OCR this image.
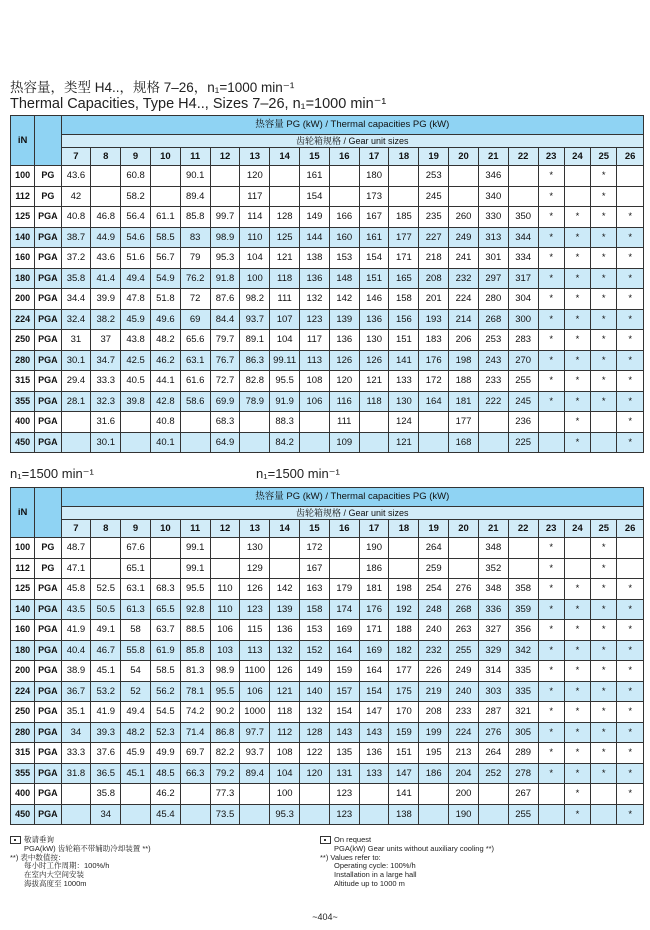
热容量，类型 H4..，规格 7–26，n₁=1000 min⁻¹
Thermal Capacities, Type H4.., Sizes 7–26, n₁=1000 min⁻¹
iN		热容量 PG (kW) / Thermal capacities PG (kW)																			
		齿轮箱规格 / Gear unit sizes																			
		7	8	9	10	11	12	13	14	15	16	17	18	19	20	21	22	23	24	25	26
100	PG	43.6		60.8		90.1		120		161		180		253		346		*		*	
112	PG	42		58.2		89.4		117		154		173		245		340		*		*	
125	PGA	40.8	46.8	56.4	61.1	85.8	99.7	114	128	149	166	167	185	235	260	330	350	*	*	*	*
140	PGA	38.7	44.9	54.6	58.5	83	98.9	110	125	144	160	161	177	227	249	313	344	*	*	*	*
160	PGA	37.2	43.6	51.6	56.7	79	95.3	104	121	138	153	154	171	218	241	301	334	*	*	*	*
180	PGA	35.8	41.4	49.4	54.9	76.2	91.8	100	118	136	148	151	165	208	232	297	317	*	*	*	*
200	PGA	34.4	39.9	47.8	51.8	72	87.6	98.2	111	132	142	146	158	201	224	280	304	*	*	*	*
224	PGA	32.4	38.2	45.9	49.6	69	84.4	93.7	107	123	139	136	156	193	214	268	300	*	*	*	*
250	PGA	31	37	43.8	48.2	65.6	79.7	89.1	104	117	136	130	151	183	206	253	283	*	*	*	*
280	PGA	30.1	34.7	42.5	46.2	63.1	76.7	86.3	99.11	113	126	126	141	176	198	243	270	*	*	*	*
315	PGA	29.4	33.3	40.5	44.1	61.6	72.7	82.8	95.5	108	120	121	133	172	188	233	255	*	*	*	*
355	PGA	28.1	32.3	39.8	42.8	58.6	69.9	78.9	91.9	106	116	118	130	164	181	222	245	*	*	*	*
400	PGA		31.6		40.8		68.3		88.3		111		124		177		236		*		*
450	PGA		30.1		40.1		64.9		84.2		109		121		168		225		*		*
n₁=1500 min⁻¹	n₁=1500 min⁻¹
iN		热容量 PG (kW) / Thermal capacities PG (kW)																			
		齿轮箱规格 / Gear unit sizes																			
		7	8	9	10	11	12	13	14	15	16	17	18	19	20	21	22	23	24	25	26
100	PG	48.7		67.6		99.1		130		172		190		264		348		*		*	
112	PG	47.1		65.1		99.1		129		167		186		259		352		*		*	
125	PGA	45.8	52.5	63.1	68.3	95.5	110	126	142	163	179	181	198	254	276	348	358	*	*	*	*
140	PGA	43.5	50.5	61.3	65.5	92.8	110	123	139	158	174	176	192	248	268	336	359	*	*	*	*
160	PGA	41.9	49.1	58	63.7	88.5	106	115	136	153	169	171	188	240	263	327	356	*	*	*	*
180	PGA	40.4	46.7	55.8	61.9	85.8	103	113	132	152	164	169	182	232	255	329	342	*	*	*	*
200	PGA	38.9	45.1	54	58.5	81.3	98.9	1100	126	149	159	164	177	226	249	314	335	*	*	*	*
224	PGA	36.7	53.2	52	56.2	78.1	95.5	106	121	140	157	154	175	219	240	303	335	*	*	*	*
250	PGA	35.1	41.9	49.4	54.5	74.2	90.2	1000	118	132	154	147	170	208	233	287	321	*	*	*	*
280	PGA	34	39.3	48.2	52.3	71.4	86.8	97.7	112	128	143	143	159	199	224	276	305	*	*	*	*
315	PGA	33.3	37.6	45.9	49.9	69.7	82.2	93.7	108	122	135	136	151	195	213	264	289	*	*	*	*
355	PGA	31.8	36.5	45.1	48.5	66.3	79.2	89.4	104	120	131	133	147	186	204	252	278	*	*	*	*
400	PGA		35.8		46.2		77.3		100		123		141		200		267		*		*
450	PGA		34		45.4		73.5		95.3		123		138		190		255		*		*
敬请垂询
PGA(kW) 齿轮箱不带辅助冷却装置 **)
**) 表中数值按：
每小时工作周期：100%/h
在室内大空间安装
海拔高度至 1000m
On request
PGA(kW) Gear units without auxiliary cooling **)
**) Values refer to:
Operating cycle: 100%/h
Installation in a large hall
Altitude up to 1000 m
~404~
